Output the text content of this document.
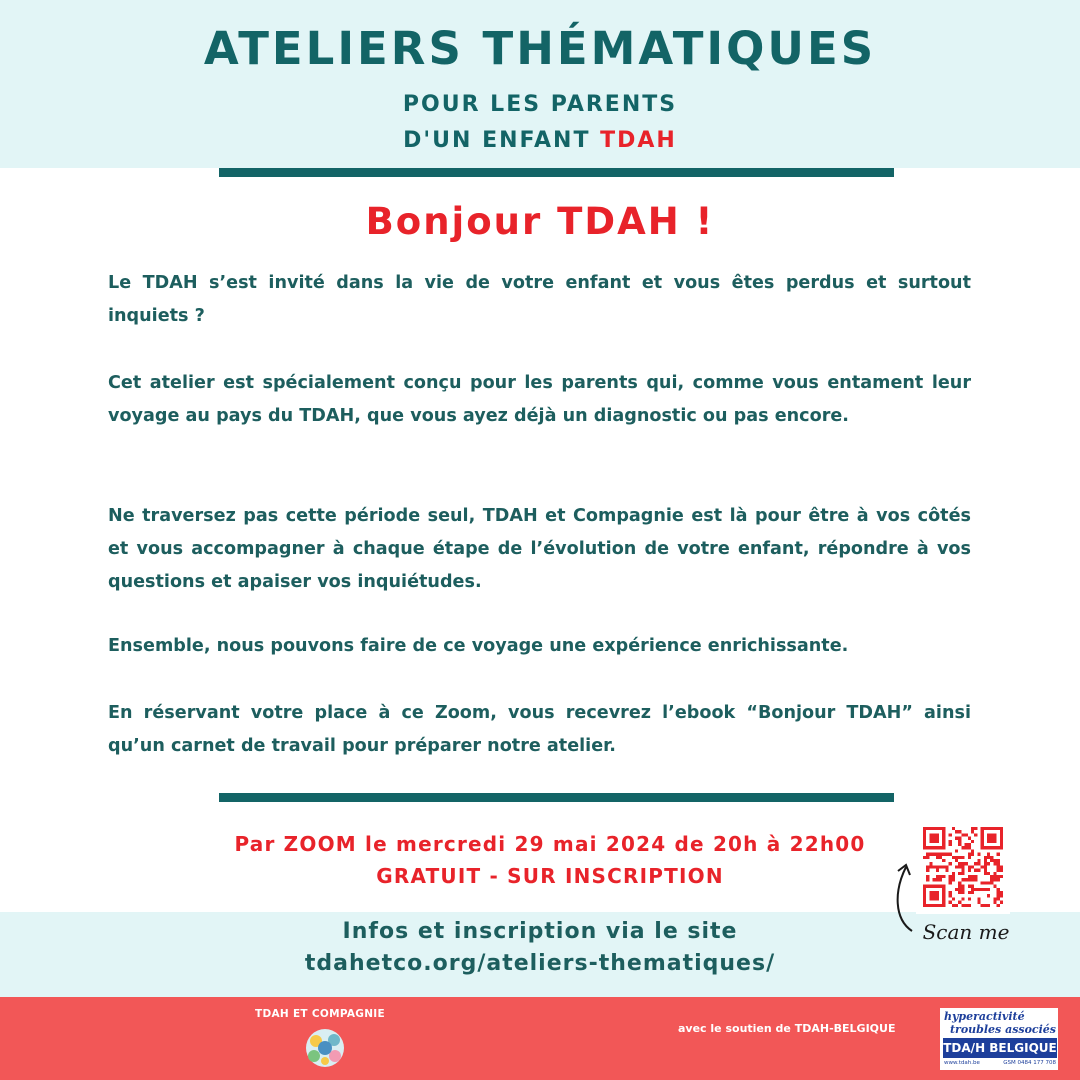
ATELIERS THÉMATIQUES
POUR LES PARENTS
D'UN ENFANT TDAH
Bonjour TDAH !

Le TDAH s’est invité dans la vie de votre enfant et vous êtes perdus et surtout inquiets ?

Cet atelier est spécialement conçu pour les parents qui, comme vous entament leur voyage au pays du TDAH, que vous ayez déjà un diagnostic ou pas encore.

Ne traversez pas cette période seul, TDAH et Compagnie est là pour être à vos côtés et vous accompagner à chaque étape de l’évolution de votre enfant, répondre à vos questions et apaiser vos inquiétudes.

Ensemble, nous pouvons faire de ce voyage une expérience enrichissante.

En réservant votre place à ce Zoom, vous recevrez l’ebook “Bonjour TDAH” ainsi qu’un carnet de travail pour préparer notre atelier.

Par ZOOM le mercredi 29 mai 2024 de 20h à 22h00
GRATUIT - SUR INSCRIPTION
Infos et inscription via le site
tdahetco.org/ateliers-thematiques/
Scan me
TDAH ET COMPAGNIE
avec le soutien de TDAH-BELGIQUE
hyperactivité
troubles associés
TDA/H BELGIQUE
www.tdah.be	GSM 0484 177 708
